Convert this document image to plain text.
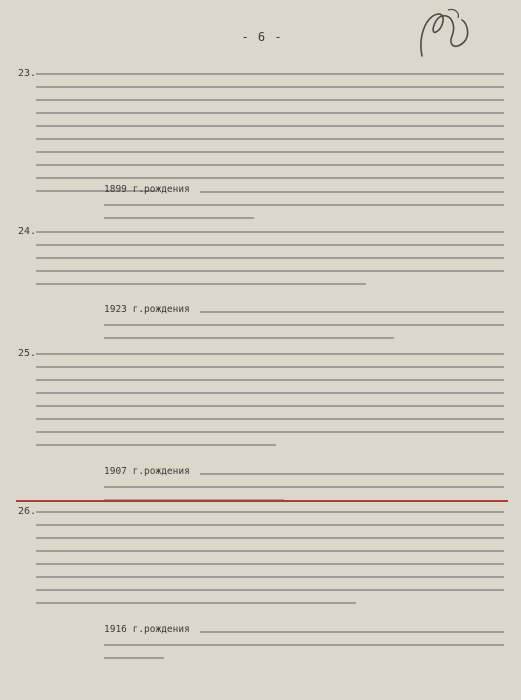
- 6 -
23.
1899 г.рождения
24.
1923 г.рождения
25.
1907 г.рождения
26.
1916 г.рождения
